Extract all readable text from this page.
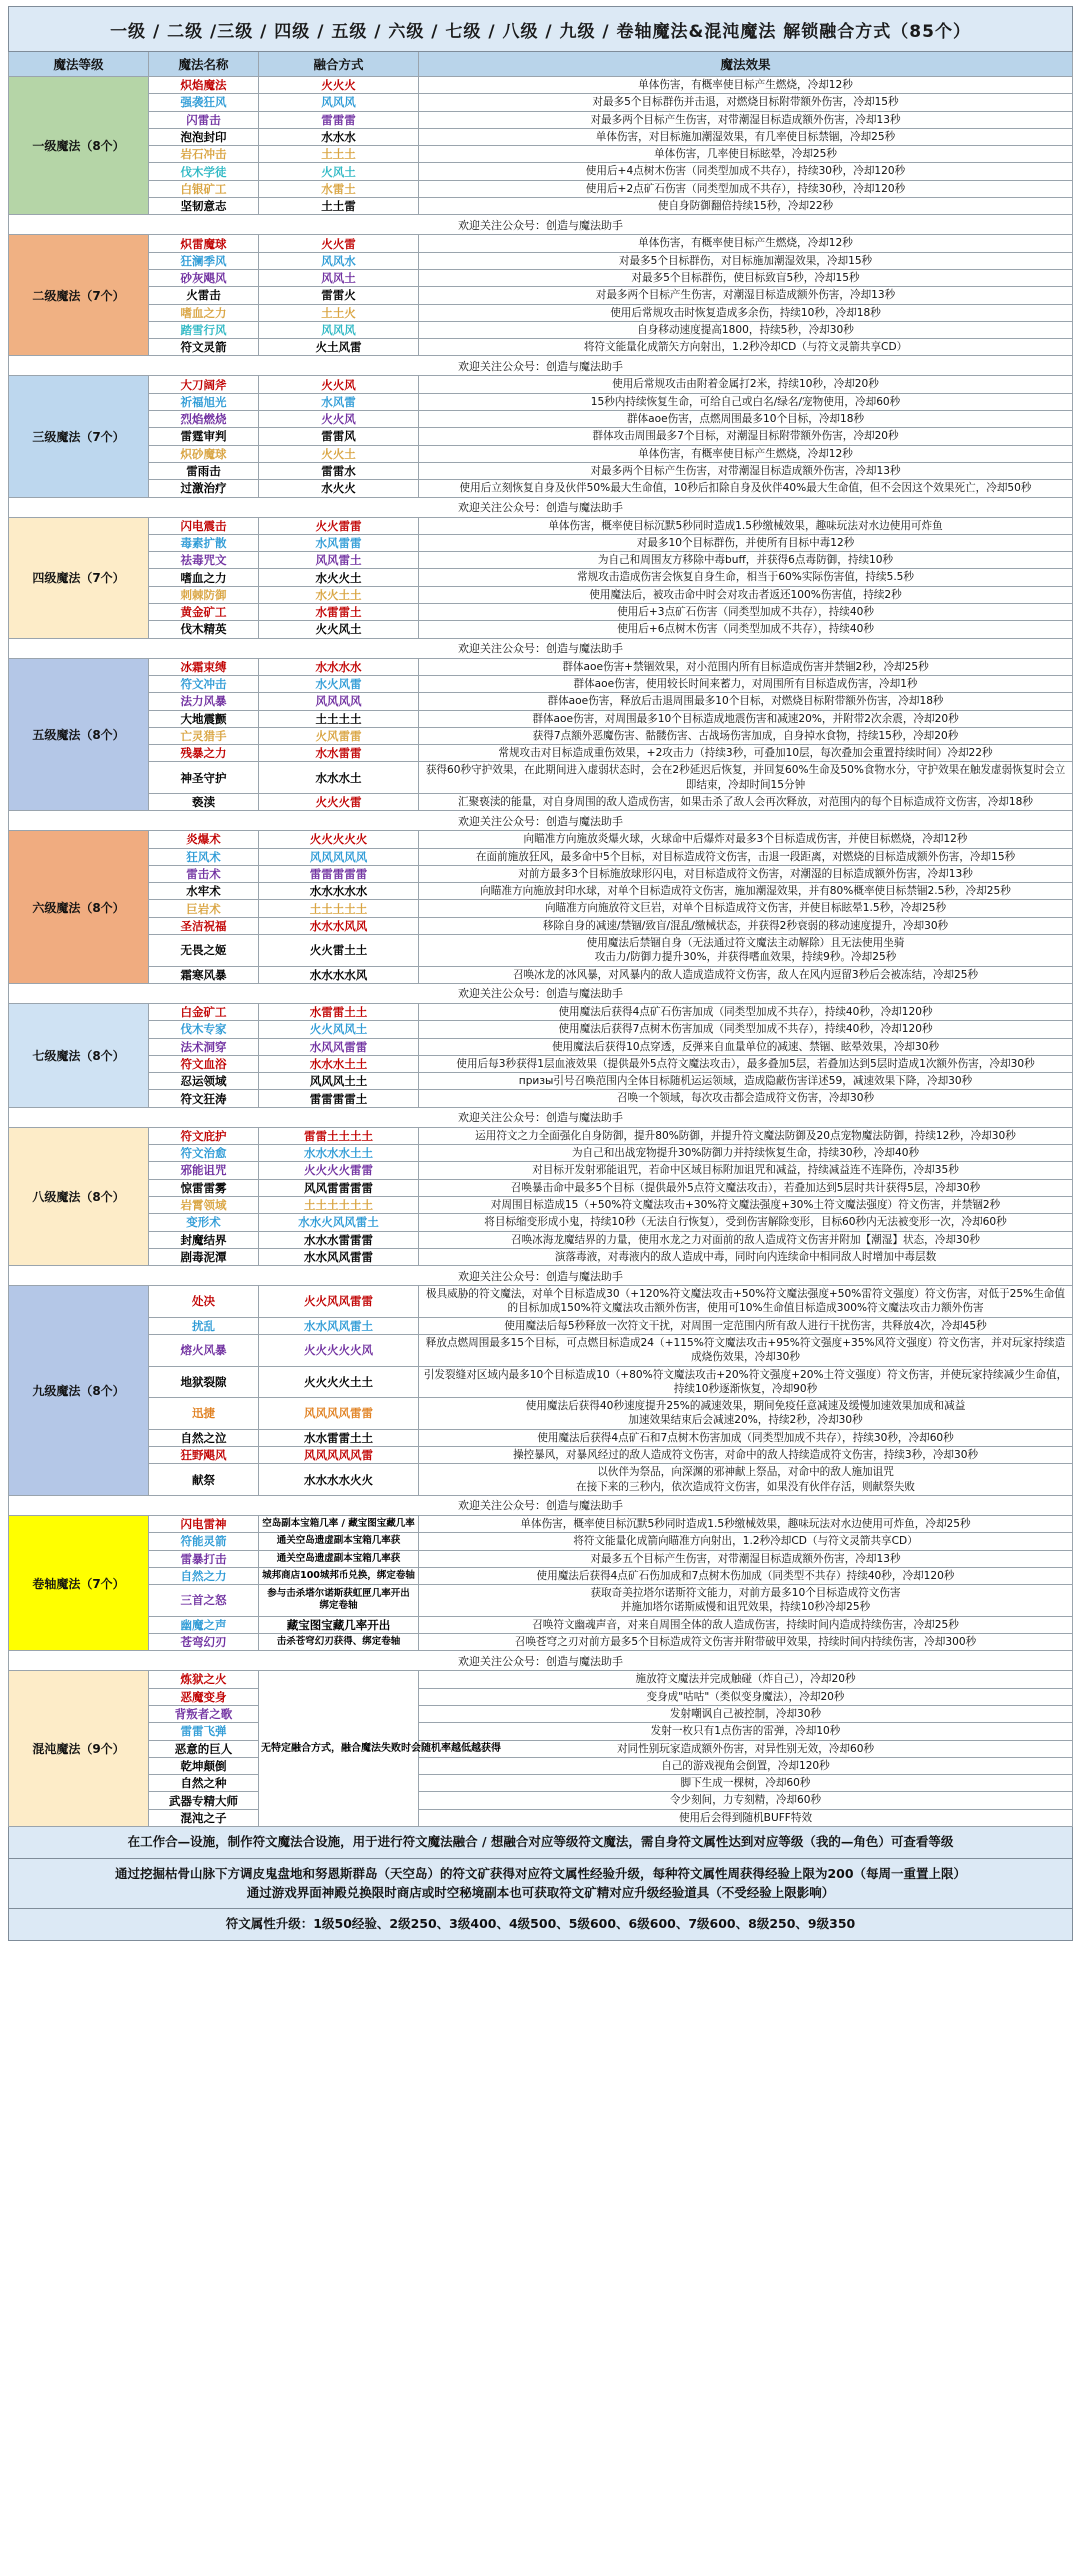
一级 / 二级 /三级 / 四级 / 五级 / 六级 / 七级 / 八级 / 九级 / 卷轴魔法&混沌魔法 解锁融合方式（85个）			
魔法等级	魔法名称	融合方式	魔法效果
一级魔法（8个）	炽焰魔法	火火火	单体伤害，有概率使目标产生燃烧，冷却12秒
	强袭狂风	风风风	对最多5个目标群伤并击退，对燃烧目标附带额外伤害，冷却15秒
	闪雷击	雷雷雷	对最多两个目标产生伤害，对带潮湿目标造成额外伤害，冷却13秒
	泡泡封印	水水水	单体伤害，对目标施加潮湿效果，有几率使目标禁锢，冷却25秒
	岩石冲击	土土土	单体伤害，几率使目标眩晕，冷却25秒
	伐木学徒	火风土	使用后+4点树木伤害（同类型加成不共存），持续30秒，冷却120秒
	白银矿工	水雷土	使用后+2点矿石伤害（同类型加成不共存），持续30秒，冷却120秒
	坚韧意志	土土雷	使自身防御翻倍持续15秒，冷却22秒
欢迎关注公众号：创造与魔法助手			
二级魔法（7个）	炽雷魔球	火火雷	单体伤害，有概率使目标产生燃烧，冷却12秒
	狂澜季风	风风水	对最多5个目标群伤，对目标施加潮湿效果，冷却15秒
	砂灰飓风	风风土	对最多5个目标群伤，使目标致盲5秒，冷却15秒
	火雷击	雷雷火	对最多两个目标产生伤害，对潮湿目标造成额外伤害，冷却13秒
	嗜血之力	土土火	使用后常规攻击时恢复造成多余伤，持续10秒，冷却18秒
	踏雪行风	风风风	自身移动速度提高1800，持续5秒，冷却30秒
	符文灵箭	火土风雷	将符文能量化成箭矢方向射出，1.2秒冷却CD（与符文灵箭共享CD）
欢迎关注公众号：创造与魔法助手			
三级魔法（7个）	大刀阔斧	火火风	使用后常规攻击由附着金属打2米，持续10秒，冷却20秒
	祈福旭光	水风雷	15秒内持续恢复生命，可给自己或白名/绿名/宠物使用，冷却60秒
	烈焰燃烧	火火风	群体aoe伤害，点燃周围最多10个目标，冷却18秒
	雷霆审判	雷雷风	群体攻击周围最多7个目标，对潮湿目标附带额外伤害，冷却20秒
	炽砂魔球	火火土	单体伤害，有概率使目标产生燃烧，冷却12秒
	雷雨击	雷雷水	对最多两个目标产生伤害，对带潮湿目标造成额外伤害，冷却13秒
	过激治疗	水火火	使用后立刻恢复自身及伙伴50%最大生命值，10秒后扣除自身及伙伴40%最大生命值，但不会因这个效果死亡，冷却50秒
欢迎关注公众号：创造与魔法助手			
四级魔法（7个）	闪电震击	火火雷雷	单体伤害，概率使目标沉默5秒同时造成1.5秒缴械效果，趣味玩法对水边使用可炸鱼
	毒素扩散	水风雷雷	对最多10个目标群伤，并使所有目标中毒12秒
	祛毒咒文	风风雷土	为自己和周围友方移除中毒buff，并获得6点毒防御，持续10秒
	嗜血之力	水火火土	常规攻击造成伤害会恢复自身生命，相当于60%实际伤害值，持续5.5秒
	刺棘防御	水火土土	使用魔法后，被攻击命中时会对攻击者返还100%伤害值，持续2秒
	黄金矿工	水雷雷土	使用后+3点矿石伤害（同类型加成不共存），持续40秒
	伐木精英	火火风土	使用后+6点树木伤害（同类型加成不共存），持续40秒
欢迎关注公众号：创造与魔法助手			
五级魔法（8个）	冰霜束缚	水水水水	群体aoe伤害+禁锢效果，对小范围内所有目标造成伤害并禁锢2秒，冷却25秒
	符文冲击	水火风雷	群体aoe伤害，使用较长时间来蓄力，对周围所有目标造成伤害，冷却1秒
	法力风暴	风风风风	群体aoe伤害，释放后击退周围最多10个目标，对燃烧目标附带额外伤害，冷却18秒
	大地震颤	土土土土	群体aoe伤害，对周围最多10个目标造成地震伤害和减速20%，并附带2次余震，冷却20秒
	亡灵猎手	火风雷雷	获得7点额外恶魔伤害、骷髅伤害、古战场伤害加成，自身掉水食物，持续15秒，冷却20秒
	残暴之力	水水雷雷	常规攻击对目标造成重伤效果，+2攻击力（持续3秒，可叠加10层，每次叠加会重置持续时间）冷却22秒
	神圣守护	水水水土	获得60秒守护效果，在此期间进入虚弱状态时，会在2秒延迟后恢复，并回复60%生命及50%食物水分，守护效果在触发虚弱恢复时会立即结束，冷却时间15分钟
	亵渎	火火火雷	汇聚亵渎的能量，对自身周围的敌人造成伤害，如果击杀了敌人会再次释放，对范围内的每个目标造成符文伤害，冷却18秒
欢迎关注公众号：创造与魔法助手			
六级魔法（8个）	炎爆术	火火火火火	向瞄准方向施放炎爆火球，火球命中后爆炸对最多3个目标造成伤害，并使目标燃烧，冷却12秒
	狂风术	风风风风风	在面前施放狂风，最多命中5个目标，对目标造成符文伤害，击退一段距离，对燃烧的目标造成额外伤害，冷却15秒
	雷击术	雷雷雷雷雷	对前方最多3个目标施放球形闪电，对目标造成符文伤害，对潮湿的目标造成额外伤害，冷却13秒
	水牢术	水水水水水	向瞄准方向施放封印水球，对单个目标造成符文伤害，施加潮湿效果，并有80%概率使目标禁锢2.5秒，冷却25秒
	巨岩术	土土土土土	向瞄准方向施放符文巨岩，对单个目标造成符文伤害，并使目标眩晕1.5秒，冷却25秒
	圣洁祝福	水水水风风	移除自身的减速/禁锢/致盲/混乱/缴械状态，并获得2秒衰弱的移动速度提升，冷却30秒
	无畏之姬	火火雷土土	使用魔法后禁锢自身（无法通过符文魔法主动解除）且无法使用坐骑
攻击力/防御力提升30%，并获得嗜血效果，持续9秒。冷却25秒
	霜寒风暴	水水水水风	召唤冰龙的冰风暴，对风暴内的敌人造成造成符文伤害，敌人在风内逗留3秒后会被冻结，冷却25秒
欢迎关注公众号：创造与魔法助手			
七级魔法（8个）	白金矿工	水雷雷土土	使用魔法后获得4点矿石伤害加成（同类型加成不共存），持续40秒，冷却120秒
	伐木专家	火火风风土	使用魔法后获得7点树木伤害加成（同类型加成不共存），持续40秒，冷却120秒
	法术洞穿	水风风雷雷	使用魔法后获得10点穿透，反弹来自血量单位的减速、禁锢、眩晕效果，冷却30秒
	符文血浴	水水水土土	使用后每3秒获得1层血液效果（提供最外5点符文魔法攻击），最多叠加5层，若叠加达到5层时造成1次额外伤害，冷却30秒
	忍运领域	风风风土土	призы引号召唤范围内全体目标随机运运领域，造成隐蔽伤害详述59，减速效果下降，冷却30秒
	符文狂涛	雷雷雷雷土	召唤一个领域，每次攻击都会造成符文伤害，冷却30秒
欢迎关注公众号：创造与魔法助手			
八级魔法（8个）	符文庇护	雷雷土土土土	运用符文之力全面强化自身防御，提升80%防御，并提升符文魔法防御及20点宠物魔法防御，持续12秒，冷却30秒
	符文治愈	水水水水土土	为自己和出战宠物提升30%防御力并持续恢复生命，持续30秒，冷却40秒
	邪能诅咒	火火火火雷雷	对目标开发射邪能诅咒，若命中区域目标附加诅咒和减益，持续减益连不连降伤，冷却35秒
	惊雷雷雾	风风雷雷雷雷	召唤暴击命中最多5个目标（提供最外5点符文魔法攻击），若叠加达到5层时共计获得5层，冷却30秒
	岩霄领域	土土土土土土	对周围目标造成15（+50%符文魔法攻击+30%符文魔法强度+30%土符文魔法强度）符文伤害，并禁锢2秒
	变形术	水水火风风雷土	将目标缩变形成小鬼，持续10秒（无法自行恢复），受到伤害解除变形，目标60秒内无法被变形一次，冷却60秒
	封魔结界	水水水雷雷雷	召唤冰海龙魔结界的力量，使用水龙之力对面前的敌人造成符文伤害并附加【潮湿】状态，冷却30秒
	剧毒泥潭	水水风风雷雷	演落毒液，对毒液内的敌人造成中毒，同时向内连续命中相同敌人时增加中毒层数
欢迎关注公众号：创造与魔法助手			
九级魔法（8个）	处决	火火风风雷雷	极具威胁的符文魔法，对单个目标造成30（+120%符文魔法攻击+50%符文魔法强度+50%雷符文强度）符文伤害，对低于25%生命值的目标加成150%符文魔法攻击额外伤害，使用可10%生命值目标造成300%符文魔法攻击力额外伤害
	扰乱	水水风风雷土	使用魔法后每5秒释放一次符文干扰，对周围一定范围内所有敌人进行干扰伤害，共释放4次，冷却45秒
	熔火风暴	火火火火火风	释放点燃周围最多15个目标，可点燃目标造成24（+115%符文魔法攻击+95%符文强度+35%风符文强度）符文伤害，并对玩家持续造成烧伤效果，冷却30秒
	地狱裂隙	火火火火土土	引发裂缝对区域内最多10个目标造成10（+80%符文魔法攻击+20%符文强度+20%土符文强度）符文伤害，并使玩家持续减少生命值，持续10秒逐渐恢复，冷却90秒
	迅捷	风风风风雷雷	使用魔法后获得40秒速度提升25%的减速效果，期间免疫任意减速及缓慢加速效果加成和减益
加速效果结束后会减速20%，持续2秒，冷却30秒
	自然之泣	水水雷雷土土	使用魔法后获得4点矿石和7点树木伤害加成（同类型加成不共存），持续30秒，冷却60秒
	狂野飓风	风风风风风雷	操控暴风，对暴风经过的敌人造成符文伤害，对命中的敌人持续造成符文伤害，持续3秒，冷却30秒
	献祭	水水水水火火	以伙伴为祭品，向深渊的邪神献上祭品，对命中的敌人施加诅咒
在接下来的三秒内，依次造成符文伤害，如果没有伙伴存活，则献祭失败
欢迎关注公众号：创造与魔法助手			
卷轴魔法（7个）	闪电雷神	空岛副本宝箱几率 / 藏宝图宝藏几率	单体伤害，概率使目标沉默5秒同时造成1.5秒缴械效果，趣味玩法对水边使用可炸鱼，冷却25秒
	符能灵箭	通关空岛遗虚副本宝箱几率获	将符文能量化成箭向瞄准方向射出，1.2秒冷却CD（与符文灵箭共享CD）
	雷暴打击	通关空岛遗虚副本宝箱几率获	对最多五个目标产生伤害，对带潮湿目标造成额外伤害，冷却13秒
	自然之力	城邦商店100城邦币兑换，绑定卷轴	使用魔法后获得4点矿石伤加成和7点树木伤加成（同类型不共存）持续40秒，冷却120秒
	三首之怒	参与击杀塔尔诺斯获虹匣几率开出
绑定卷轴	获取奇美拉塔尔诺斯符文能力，对前方最多10个目标造成符文伤害
并施加塔尔诺斯威慢和诅咒效果，持续10秒冷却25秒
	幽魔之声	藏宝图宝藏几率开出	召唤符文幽魂声音，对来自周围全体的敌人造成伤害，持续时间内造成持续伤害，冷却25秒
	苍弯幻刃	击杀苍穹幻刃获得、绑定卷轴	召唤苍穹之刃对前方最多5个目标造成符文伤害并附带破甲效果，持续时间内持续伤害，冷却300秒
欢迎关注公众号：创造与魔法助手			
混沌魔法（9个）	炼狱之火	无特定融合方式，融合魔法失败时会随机率越低越获得	施放符文魔法并完成触碰（炸自己），冷却20秒
	恶魔变身		变身成"咕咕"（类似变身魔法），冷却20秒
	背叛者之歌		发射嘲讽自己被控制，冷却30秒
	雷雷飞弹		发射一枚只有1点伤害的雷弹，冷却10秒
	恶意的巨人		对同性别玩家造成额外伤害，对异性别无效，冷却60秒
	乾坤颠倒		自己的游戏视角会倒置，冷却120秒
	自然之种		脚下生成一棵树，冷却60秒
	武器专精大师		令少刻间，力专刻精，冷却60秒
	混沌之子		使用后会得到随机BUFF特效
在工作合—设施，制作符文魔法合设施，用于进行符文魔法融合 / 想融合对应等级符文魔法，需自身符文属性达到对应等级（我的—角色）可查看等级			
通过挖掘枯骨山脉下方调皮鬼盘地和努恩斯群岛（天空岛）的符文矿获得对应符文属性经验升级，每种符文属性周获得经验上限为200（每周一重置上限）
通过游戏界面神殿兑换限时商店或时空秘境副本也可获取符文矿精对应升级经验道具（不受经验上限影响）			
符文属性升级：1级50经验、2级250、3级400、4级500、5级600、6级600、7级600、8级250、9级350			
